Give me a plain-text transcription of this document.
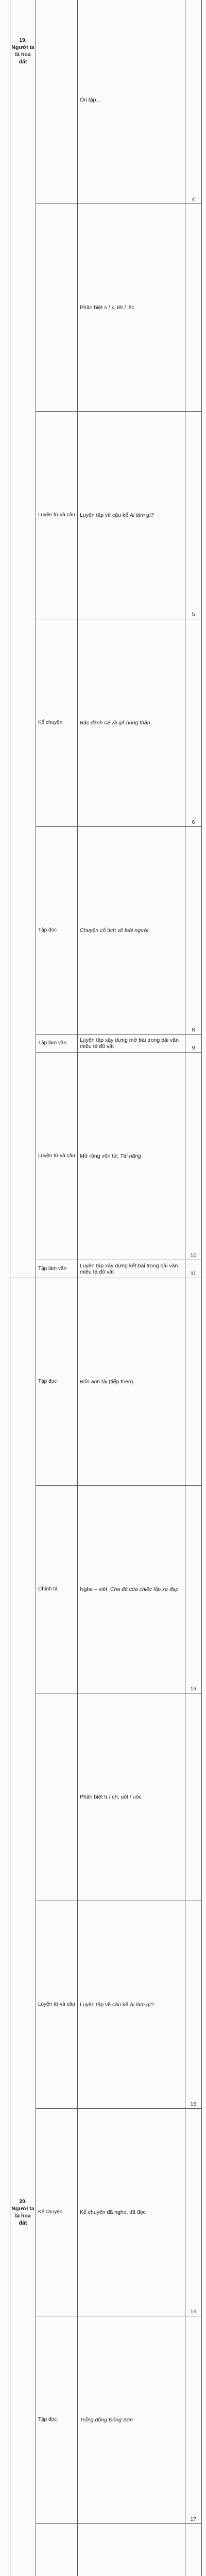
19.
Người ta
là hoa đất		Ôn tập...	4
		Phân biệt s / x, iêt / iêc	
	Luyện từ và câu	Luyện tập về câu kể Ai làm gì?	5
	Kể chuyện	Bác đánh cá và gã hung thần	6
	Tập đọc	Chuyện cổ tích về loài người	8
	Tập làm văn	Luyện tập xây dựng mở bài trong bài văn miêu tả đồ vật	9
	Luyện từ và câu	Mở rộng vốn từ: Tài năng	10
	Tập làm văn	Luyện tập xây dựng kết bài trong bài văn miêu tả đồ vật	11
20.
Người ta
là hoa đất	Tập đọc	Bốn anh tài (tiếp theo)	
	Chính tả	Nghe – viết: Cha đẻ của chiếc lốp xe đạp	13
		Phân biệt tr / ch, uôt / uôc	
	Luyện từ và câu	Luyện tập về câu kể Ai làm gì?	15
	Kể chuyện	Kể chuyện đã nghe, đã đọc	15
	Tập đọc	Trống đồng Đông Sơn	17
